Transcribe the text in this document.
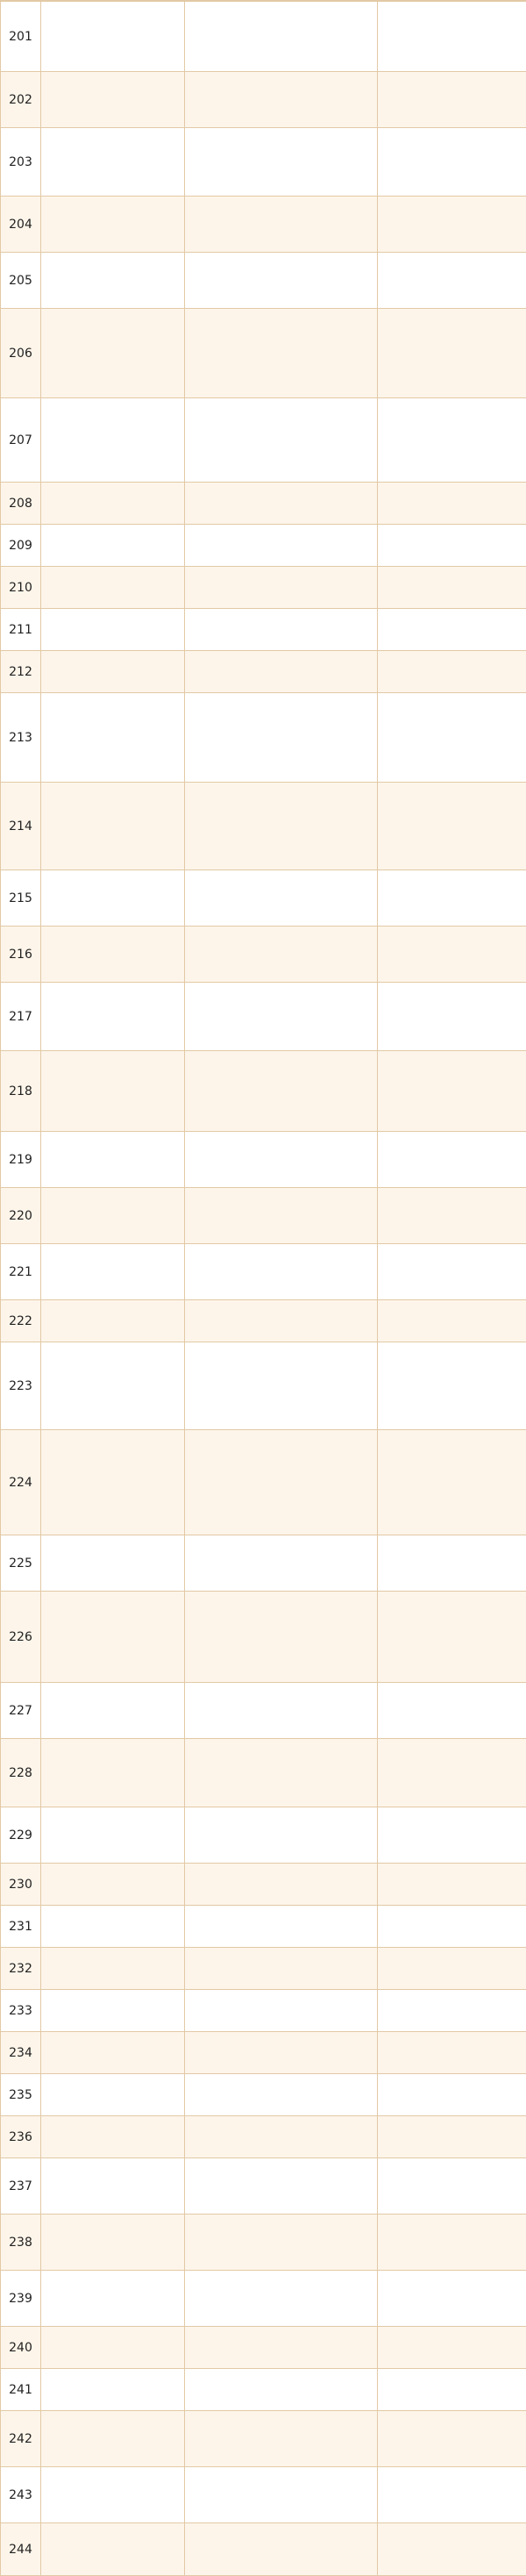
201			
202			
203			
204			
205			
206			
207			
208			
209			
210			
211			
212			
213			
214			
215			
216			
217			
218			
219			
220			
221			
222			
223			
224			
225			
226			
227			
228			
229			
230			
231			
232			
233			
234			
235			
236			
237			
238			
239			
240			
241			
242			
243			
244			
